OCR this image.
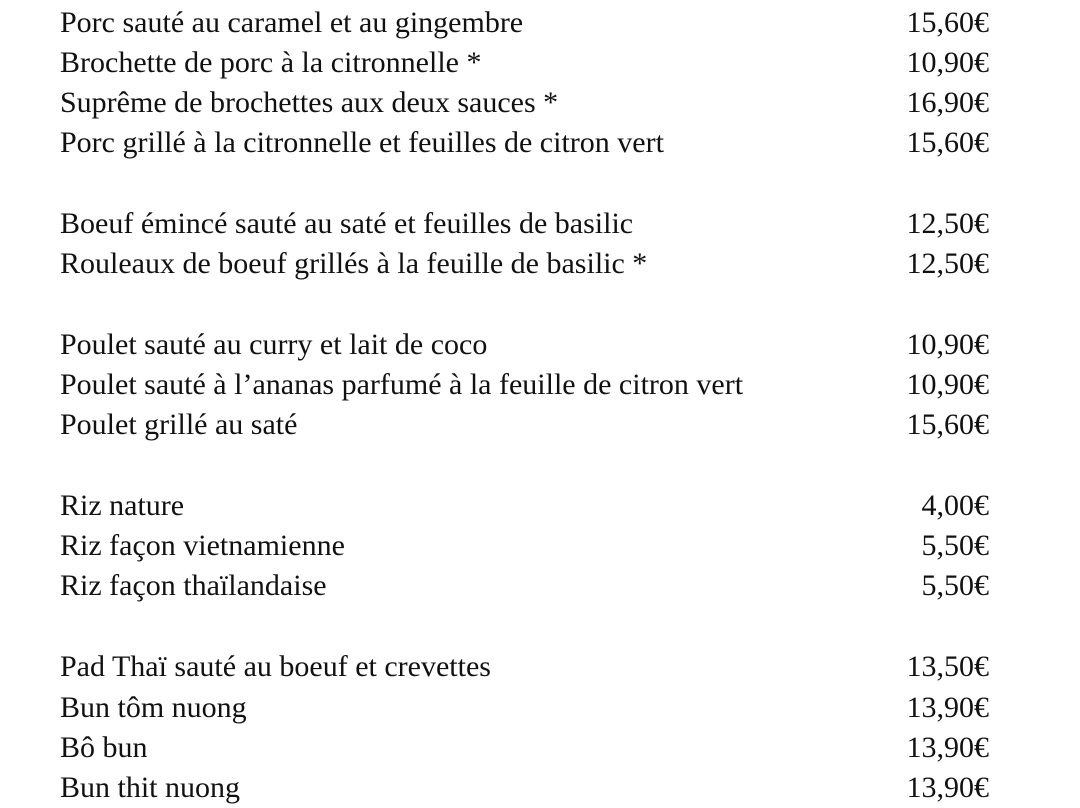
Porc sauté au caramel et au gingembre	15,60€
Brochette de porc à la citronnelle *	10,90€
Suprême de brochettes aux deux sauces *	16,90€
Porc grillé à la citronnelle et feuilles de citron vert	15,60€
Boeuf émincé sauté au saté et feuilles de basilic	12,50€
Rouleaux de boeuf grillés à la feuille de basilic *	12,50€
Poulet sauté au curry et lait de coco	10,90€
Poulet sauté à l’ananas parfumé à la feuille de citron vert	10,90€
Poulet grillé au saté	15,60€
Riz nature	4,00€
Riz façon vietnamienne	5,50€
Riz façon thaïlandaise	5,50€
Pad Thaï sauté au boeuf et crevettes	13,50€
Bun tôm nuong	13,90€
Bô bun	13,90€
Bun thit nuong	13,90€
